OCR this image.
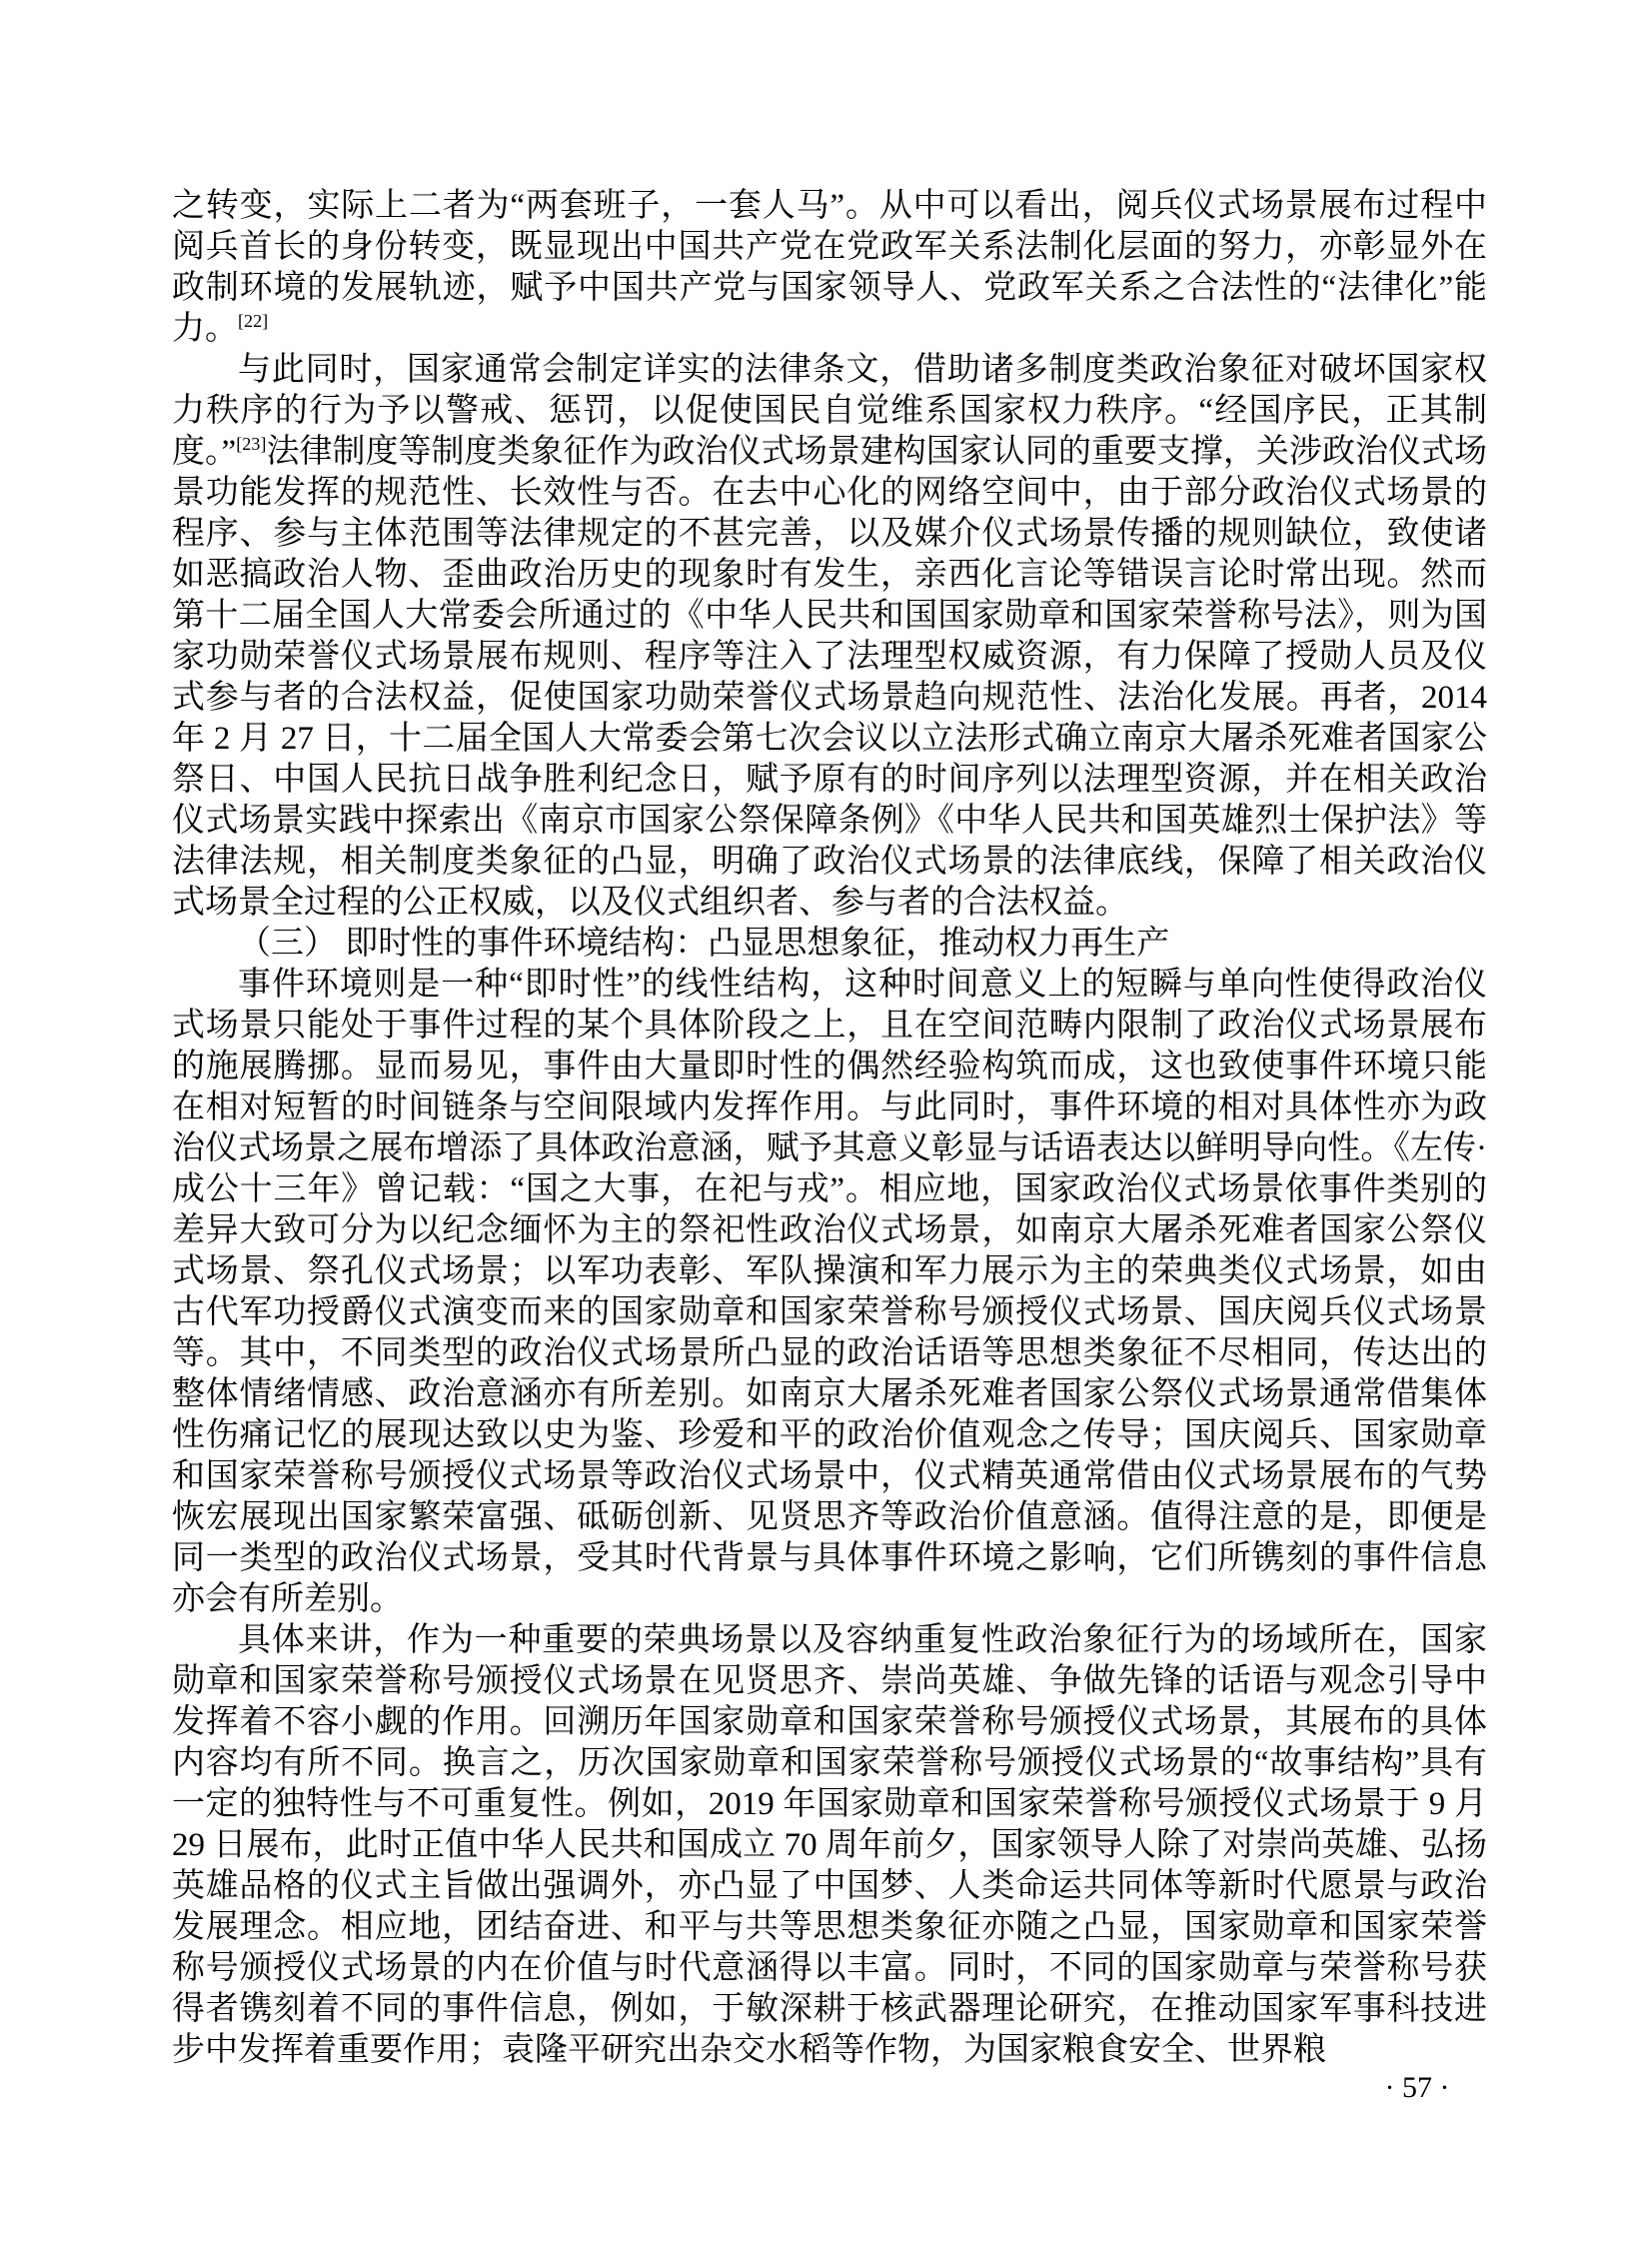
之转变，实际上二者为“两套班子，一套人马”。从中可以看出，阅兵仪式场景展布过程中阅兵首长的身份转变，既显现出中国共产党在党政军关系法制化层面的努力，亦彰显外在政制环境的发展轨迹，赋予中国共产党与国家领导人、党政军关系之合法性的“法律化”能力。[22]

与此同时，国家通常会制定详实的法律条文，借助诸多制度类政治象征对破坏国家权力秩序的行为予以警戒、惩罚，以促使国民自觉维系国家权力秩序。“经国序民，正其制度。”[23]法律制度等制度类象征作为政治仪式场景建构国家认同的重要支撑，关涉政治仪式场景功能发挥的规范性、长效性与否。在去中心化的网络空间中，由于部分政治仪式场景的程序、参与主体范围等法律规定的不甚完善，以及媒介仪式场景传播的规则缺位，致使诸如恶搞政治人物、歪曲政治历史的现象时有发生，亲西化言论等错误言论时常出现。然而第十二届全国人大常委会所通过的《中华人民共和国国家勋章和国家荣誉称号法》，则为国家功勋荣誉仪式场景展布规则、程序等注入了法理型权威资源，有力保障了授勋人员及仪式参与者的合法权益，促使国家功勋荣誉仪式场景趋向规范性、法治化发展。再者，2014 年 2 月 27 日，十二届全国人大常委会第七次会议以立法形式确立南京大屠杀死难者国家公祭日、中国人民抗日战争胜利纪念日，赋予原有的时间序列以法理型资源，并在相关政治仪式场景实践中探索出《南京市国家公祭保障条例》《中华人民共和国英雄烈士保护法》等法律法规，相关制度类象征的凸显，明确了政治仪式场景的法律底线，保障了相关政治仪式场景全过程的公正权威，以及仪式组织者、参与者的合法权益。

（三） 即时性的事件环境结构：凸显思想象征，推动权力再生产

事件环境则是一种“即时性”的线性结构，这种时间意义上的短瞬与单向性使得政治仪式场景只能处于事件过程的某个具体阶段之上，且在空间范畴内限制了政治仪式场景展布的施展腾挪。显而易见，事件由大量即时性的偶然经验构筑而成，这也致使事件环境只能在相对短暂的时间链条与空间限域内发挥作用。与此同时，事件环境的相对具体性亦为政治仪式场景之展布增添了具体政治意涵，赋予其意义彰显与话语表达以鲜明导向性。《左传·成公十三年》曾记载：“国之大事，在祀与戎”。相应地，国家政治仪式场景依事件类别的差异大致可分为以纪念缅怀为主的祭祀性政治仪式场景，如南京大屠杀死难者国家公祭仪式场景、祭孔仪式场景；以军功表彰、军队操演和军力展示为主的荣典类仪式场景，如由古代军功授爵仪式演变而来的国家勋章和国家荣誉称号颁授仪式场景、国庆阅兵仪式场景等。其中，不同类型的政治仪式场景所凸显的政治话语等思想类象征不尽相同，传达出的整体情绪情感、政治意涵亦有所差别。如南京大屠杀死难者国家公祭仪式场景通常借集体性伤痛记忆的展现达致以史为鉴、珍爱和平的政治价值观念之传导；国庆阅兵、国家勋章和国家荣誉称号颁授仪式场景等政治仪式场景中，仪式精英通常借由仪式场景展布的气势恢宏展现出国家繁荣富强、砥砺创新、见贤思齐等政治价值意涵。值得注意的是，即便是同一类型的政治仪式场景，受其时代背景与具体事件环境之影响，它们所镌刻的事件信息亦会有所差别。

具体来讲，作为一种重要的荣典场景以及容纳重复性政治象征行为的场域所在，国家勋章和国家荣誉称号颁授仪式场景在见贤思齐、崇尚英雄、争做先锋的话语与观念引导中发挥着不容小觑的作用。回溯历年国家勋章和国家荣誉称号颁授仪式场景，其展布的具体内容均有所不同。换言之，历次国家勋章和国家荣誉称号颁授仪式场景的“故事结构”具有一定的独特性与不可重复性。例如，2019 年国家勋章和国家荣誉称号颁授仪式场景于 9 月 29 日展布，此时正值中华人民共和国成立 70 周年前夕，国家领导人除了对崇尚英雄、弘扬英雄品格的仪式主旨做出强调外，亦凸显了中国梦、人类命运共同体等新时代愿景与政治发展理念。相应地，团结奋进、和平与共等思想类象征亦随之凸显，国家勋章和国家荣誉称号颁授仪式场景的内在价值与时代意涵得以丰富。同时，不同的国家勋章与荣誉称号获得者镌刻着不同的事件信息，例如，于敏深耕于核武器理论研究，在推动国家军事科技进步中发挥着重要作用；袁隆平研究出杂交水稻等作物，为国家粮食安全、世界粮

· 57 ·
